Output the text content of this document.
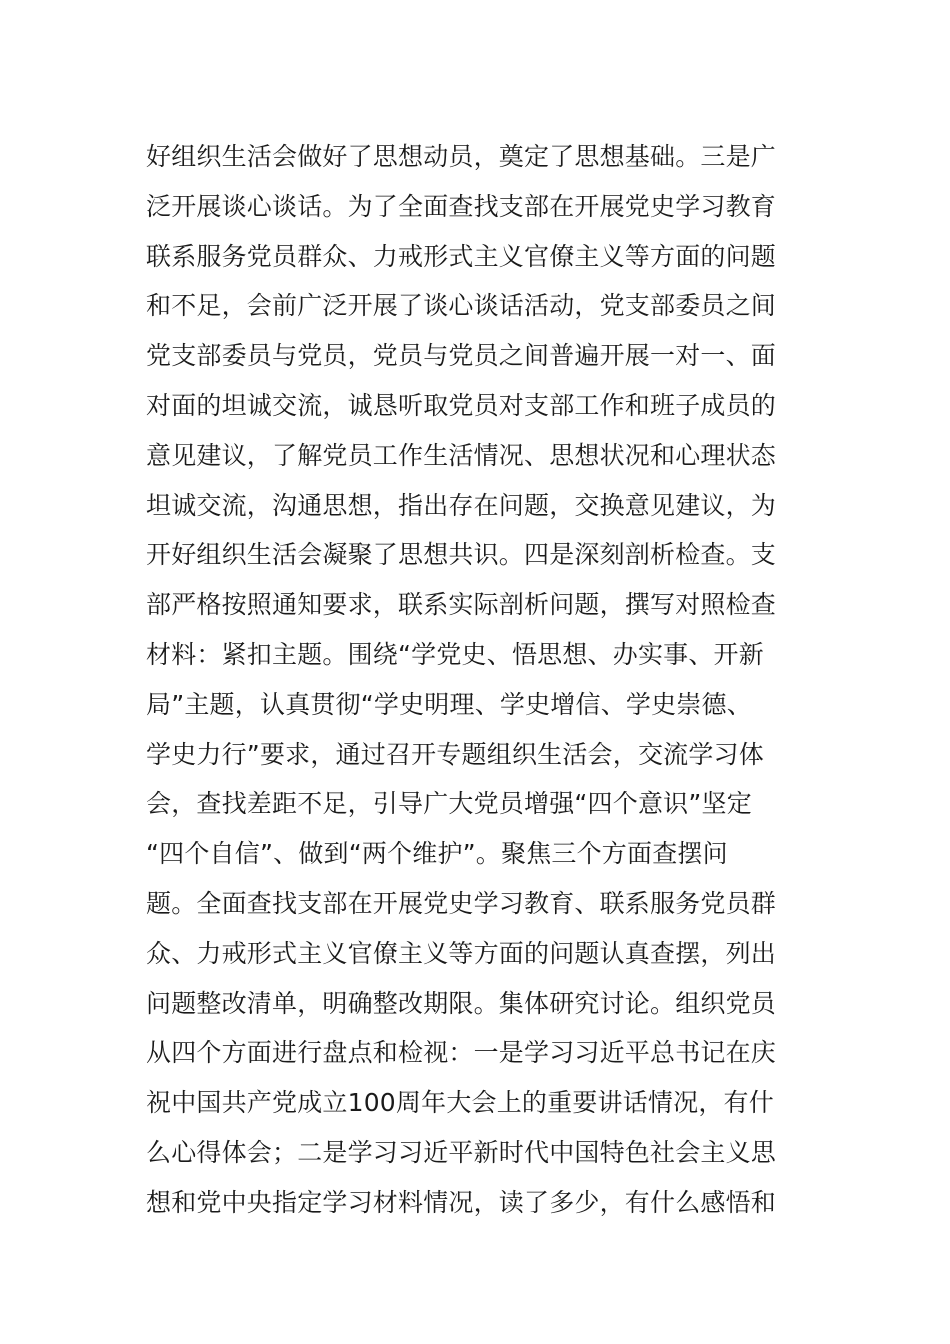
好组织生活会做好了思想动员，奠定了思想基础。三是广
泛开展谈心谈话。为了全面查找支部在开展党史学习教育
联系服务党员群众、力戒形式主义官僚主义等方面的问题
和不足，会前广泛开展了谈心谈话活动，党支部委员之间
党支部委员与党员，党员与党员之间普遍开展一对一、面
对面的坦诚交流，诚恳听取党员对支部工作和班子成员的
意见建议，了解党员工作生活情况、思想状况和心理状态
坦诚交流，沟通思想，指出存在问题，交换意见建议，为
开好组织生活会凝聚了思想共识。四是深刻剖析检查。支
部严格按照通知要求，联系实际剖析问题，撰写对照检查
材料：紧扣主题。围绕“学党史、悟思想、办实事、开新
局”主题，认真贯彻“学史明理、学史增信、学史崇德、
学史力行”要求，通过召开专题组织生活会，交流学习体
会，查找差距不足，引导广大党员增强“四个意识”坚定
“四个自信”、做到“两个维护”。聚焦三个方面查摆问
题。全面查找支部在开展党史学习教育、联系服务党员群
众、力戒形式主义官僚主义等方面的问题认真查摆，列出
问题整改清单，明确整改期限。集体研究讨论。组织党员
从四个方面进行盘点和检视：一是学习习近平总书记在庆
祝中国共产党成立100周年大会上的重要讲话情况，有什
么心得体会；二是学习习近平新时代中国特色社会主义思
想和党中央指定学习材料情况，读了多少，有什么感悟和
